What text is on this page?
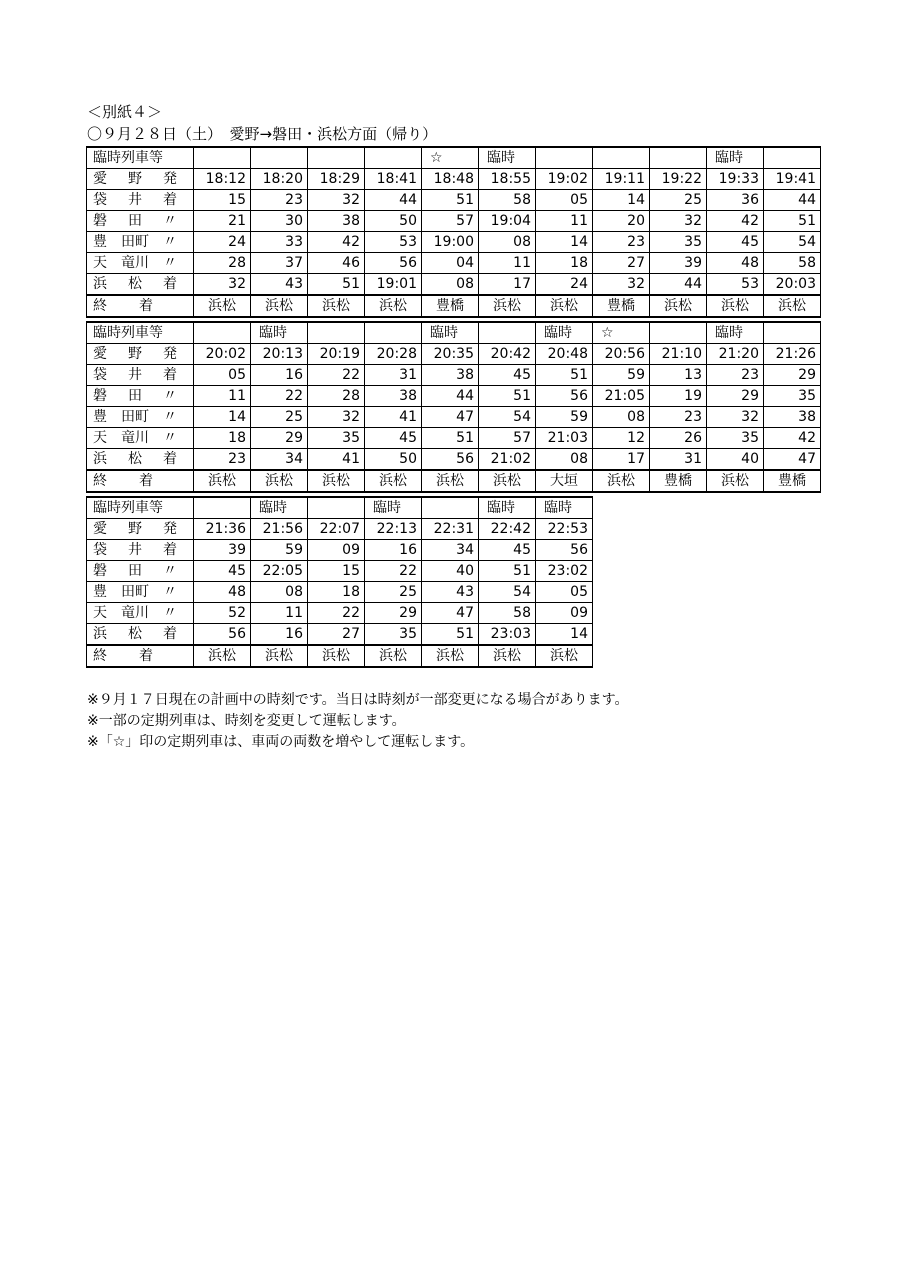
＜別紙４＞
〇９月２８日（土）　愛野→磐田・浜松方面（帰り）
臨時列車等					☆	臨時				臨時	

愛 野 発	18:12	18:20	18:29	18:41	18:48	18:55	19:02	19:11	19:22	19:33	19:41

袋 井 着	15	23	32	44	51	58	05	14	25	36	44

磐 田 〃	21	30	38	50	57	19:04	11	20	32	42	51

豊 田町 〃	24	33	42	53	19:00	08	14	23	35	45	54

天 竜川 〃	28	37	46	56	04	11	18	27	39	48	58

浜 松 着	32	43	51	19:01	08	17	24	32	44	53	20:03

終 着	浜松	浜松	浜松	浜松	豊橋	浜松	浜松	豊橋	浜松	浜松	浜松
臨時列車等		臨時			臨時		臨時	☆		臨時	

愛 野 発	20:02	20:13	20:19	20:28	20:35	20:42	20:48	20:56	21:10	21:20	21:26

袋 井 着	05	16	22	31	38	45	51	59	13	23	29

磐 田 〃	11	22	28	38	44	51	56	21:05	19	29	35

豊 田町 〃	14	25	32	41	47	54	59	08	23	32	38

天 竜川 〃	18	29	35	45	51	57	21:03	12	26	35	42

浜 松 着	23	34	41	50	56	21:02	08	17	31	40	47

終 着	浜松	浜松	浜松	浜松	浜松	浜松	大垣	浜松	豊橋	浜松	豊橋
臨時列車等		臨時		臨時		臨時	臨時

愛 野 発	21:36	21:56	22:07	22:13	22:31	22:42	22:53

袋 井 着	39	59	09	16	34	45	56

磐 田 〃	45	22:05	15	22	40	51	23:02

豊 田町 〃	48	08	18	25	43	54	05

天 竜川 〃	52	11	22	29	47	58	09

浜 松 着	56	16	27	35	51	23:03	14

終 着	浜松	浜松	浜松	浜松	浜松	浜松	浜松
※９月１７日現在の計画中の時刻です。当日は時刻が一部変更になる場合があります。
※一部の定期列車は、時刻を変更して運転します。
※「☆」印の定期列車は、車両の両数を増やして運転します。
